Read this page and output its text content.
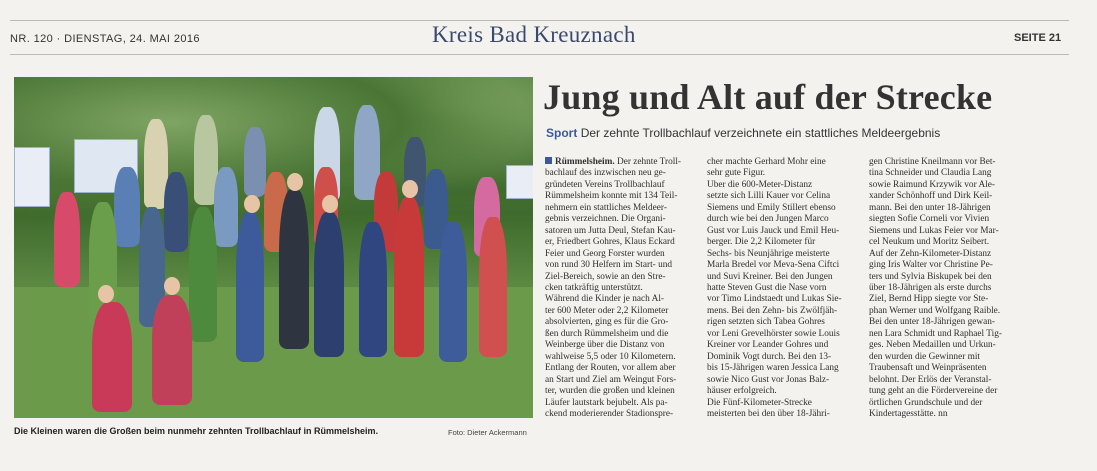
NR. 120 · DIENSTAG, 24. MAI 2016	Kreis Bad Kreuznach	SEITE 21
Die Kleinen waren die Großen beim nunmehr zehnten Trollbachlauf in Rümmelsheim.	Foto: Dieter Ackermann
Jung und Alt auf der Strecke
Sport Der zehnte Trollbachlauf verzeichnete ein stattliches Meldeergebnis
Rümmelsheim. Der zehnte Troll-
bachlauf des inzwischen neu ge-
gründeten Vereins Trollbachlauf
Rümmelsheim konnte mit 134 Teil-
nehmern ein stattliches Meldeer-
gebnis verzeichnen. Die Organi-
satoren um Jutta Deul, Stefan Kau-
er, Friedbert Gohres, Klaus Eckard
Feier und Georg Forster wurden
von rund 30 Helfern im Start- und
Ziel-Bereich, sowie an den Stre-
cken tatkräftig unterstützt.
Während die Kinder je nach Al-
ter 600 Meter oder 2,2 Kilometer
absolvierten, ging es für die Gro-
ßen durch Rümmelsheim und die
Weinberge über die Distanz von
wahlweise 5,5 oder 10 Kilometern.
Entlang der Routen, vor allem aber
an Start und Ziel am Weingut Fors-
ter, wurden die großen und kleinen
Läufer lautstark bejubelt. Als pa-
ckend moderierender Stadionspre-
cher machte Gerhard Mohr eine
sehr gute Figur.
Über die 600-Meter-Distanz
setzte sich Lilli Kauer vor Celina
Siemens und Emily Stillert ebenso
durch wie bei den Jungen Marco
Gust vor Luis Jauck und Emil Heu-
berger. Die 2,2 Kilometer für
Sechs- bis Neunjährige meisterte
Marla Bredel vor Meva-Sena Ciftci
und Suvi Kreiner. Bei den Jungen
hatte Steven Gust die Nase vorn
vor Timo Lindstaedt und Lukas Sie-
mens. Bei den Zehn- bis Zwölfjäh-
rigen setzten sich Tabea Gohres
vor Leni Grevelhörster sowie Louis
Kreiner vor Leander Gohres und
Dominik Vogt durch. Bei den 13-
bis 15-Jährigen waren Jessica Lang
sowie Nico Gust vor Jonas Balz-
häuser erfolgreich.
Die Fünf-Kilometer-Strecke
meisterten bei den über 18-Jähri-
gen Christine Kneilmann vor Bet-
tina Schneider und Claudia Lang
sowie Raimund Krzywik vor Ale-
xander Schönhoff und Dirk Keil-
mann. Bei den unter 18-Jährigen
siegten Sofie Corneli vor Vivien
Siemens und Lukas Feier vor Mar-
cel Neukum und Moritz Seibert.
Auf der Zehn-Kilometer-Distanz
ging Iris Walter vor Christine Pe-
ters und Sylvia Biskupek bei den
über 18-Jährigen als erste durchs
Ziel, Bernd Hipp siegte vor Ste-
phan Werner und Wolfgang Raible.
Bei den unter 18-Jährigen gewan-
nen Lara Schmidt und Raphael Tig-
ges. Neben Medaillen und Urkun-
den wurden die Gewinner mit
Traubensaft und Weinpräsenten
belohnt. Der Erlös der Veranstal-
tung geht an die Fördervereine der
örtlichen Grundschule und der
Kindertagesstätte. nn
